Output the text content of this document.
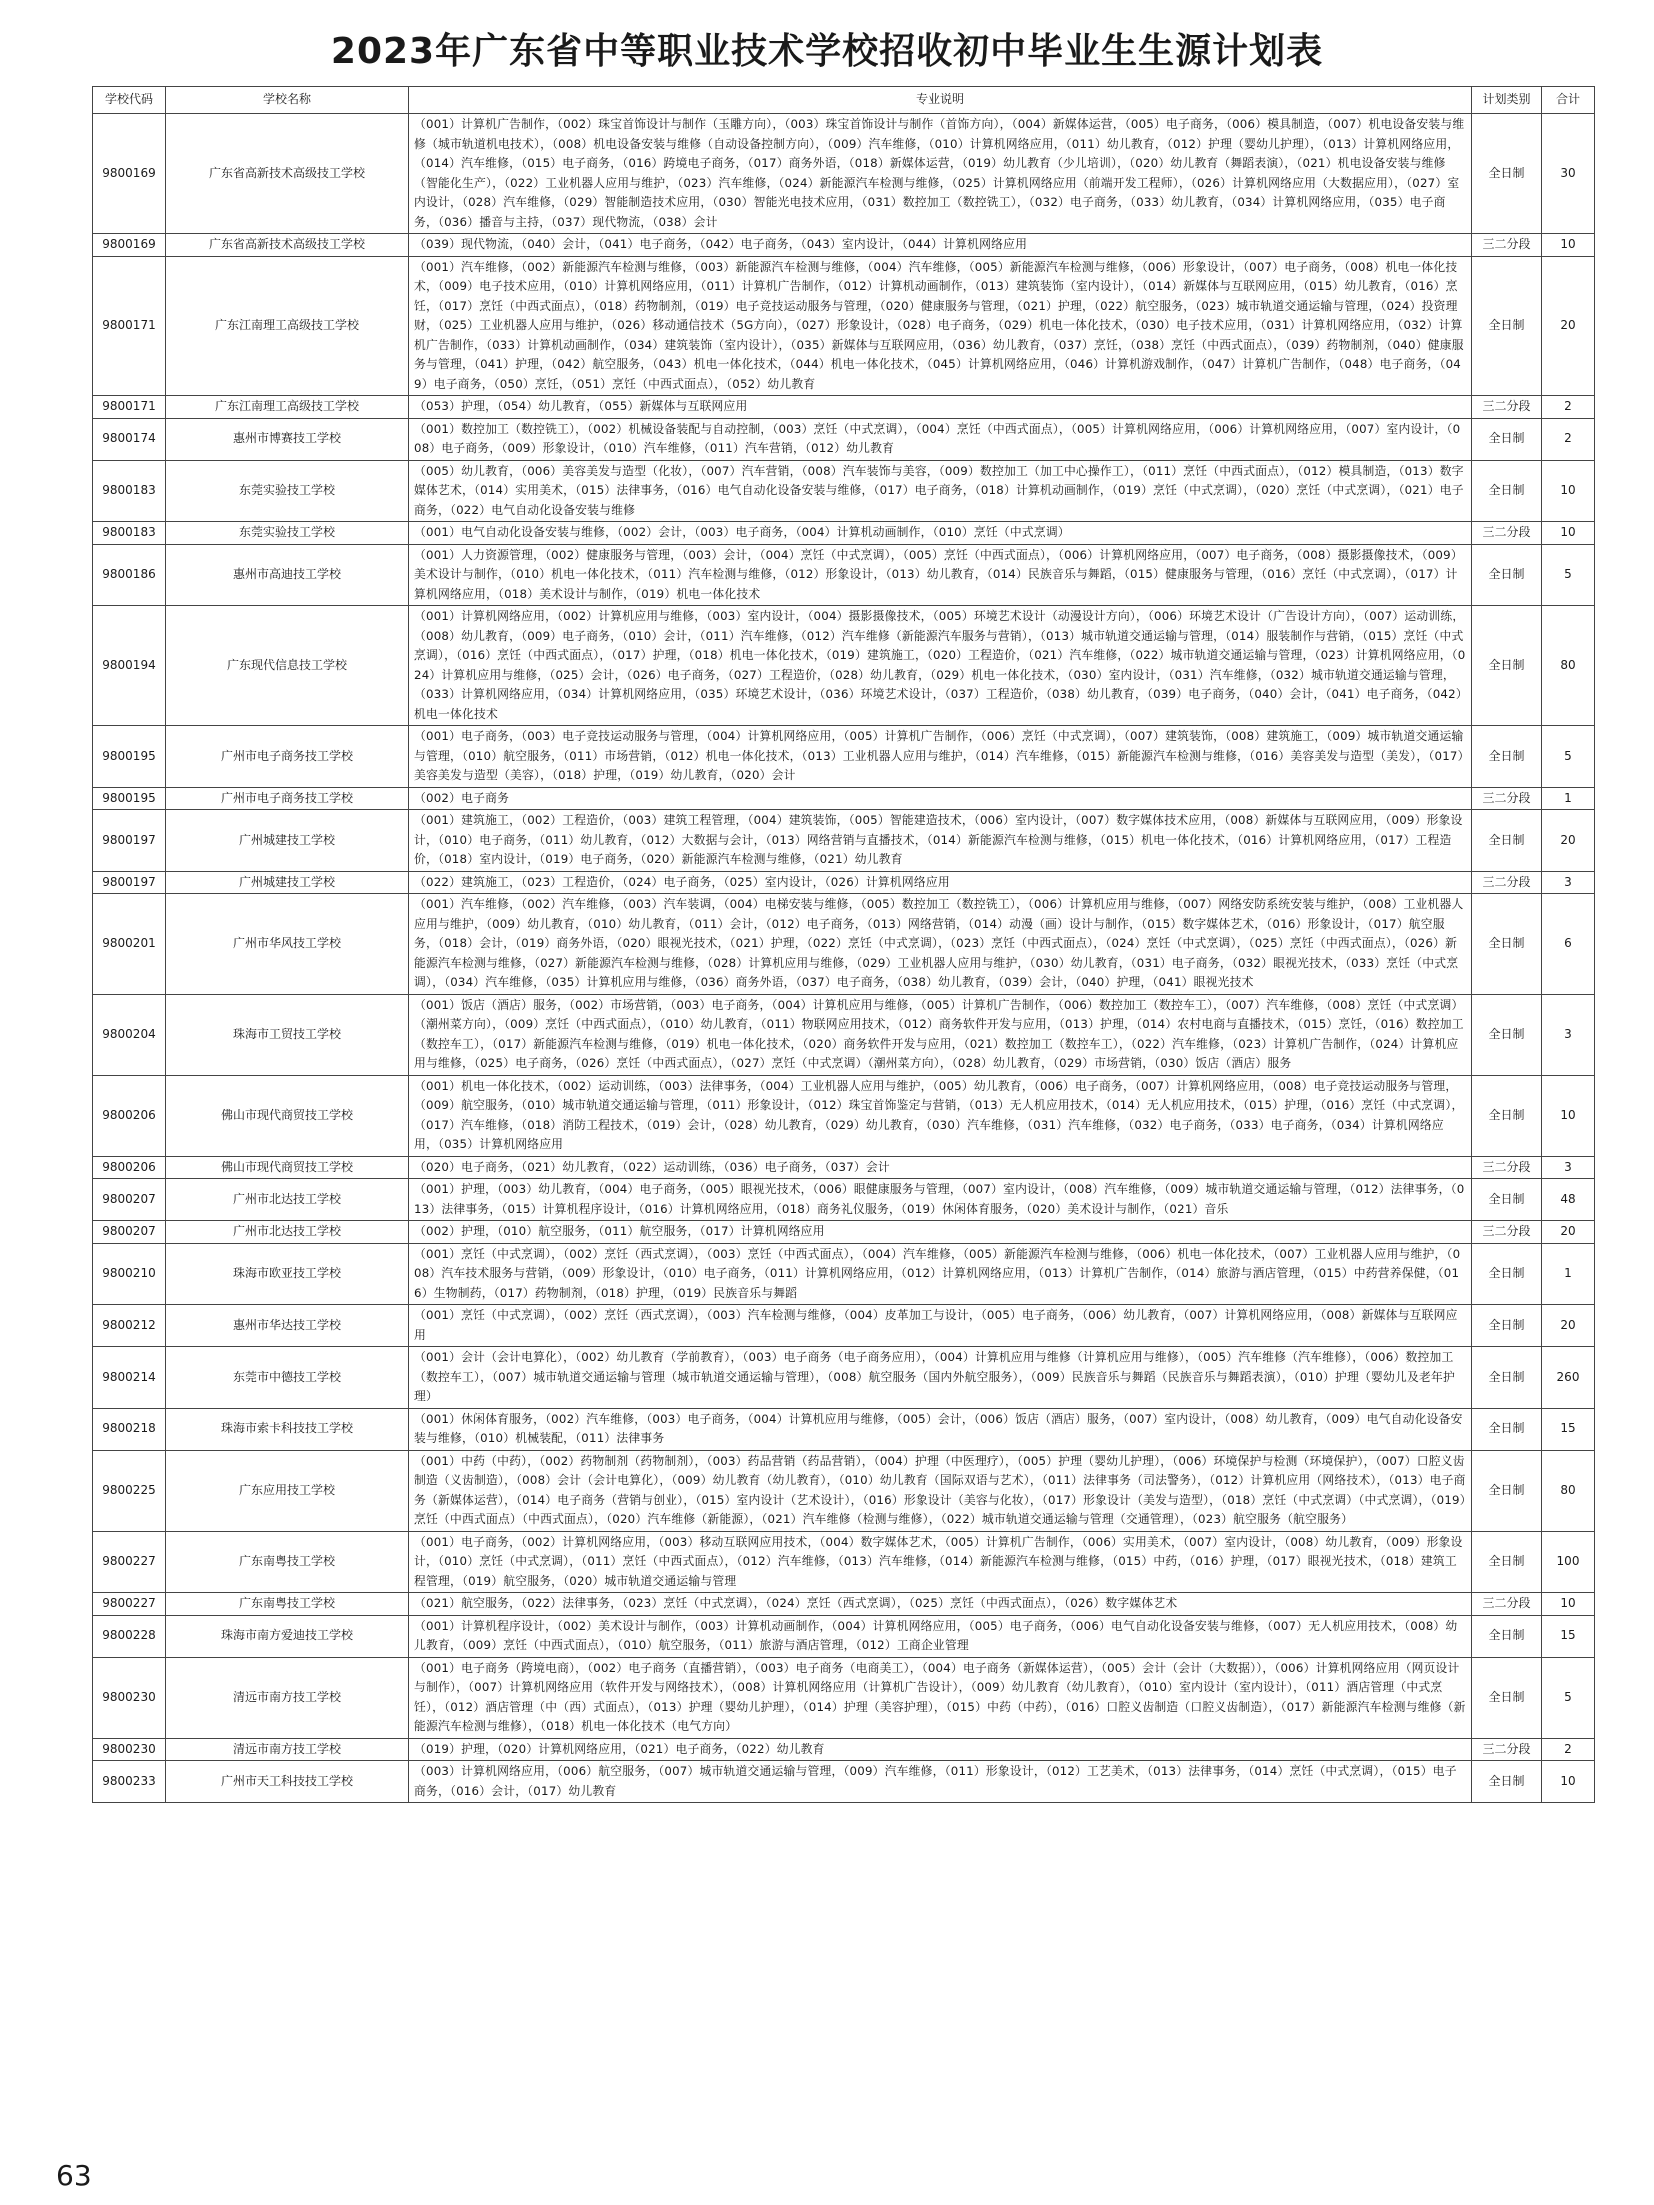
2023年广东省中等职业技术学校招收初中毕业生生源计划表
学校代码	学校名称	专业说明	计划类别	合计
9800169	广东省高新技术高级技工学校	（001）计算机广告制作，（002）珠宝首饰设计与制作（玉雕方向），（003）珠宝首饰设计与制作（首饰方向），（004）新媒体运营，（005）电子商务，（006）模具制造，（007）机电设备安装与维修（城市轨道机电技术），（008）机电设备安装与维修（自动设备控制方向），（009）汽车维修，（010）计算机网络应用，（011）幼儿教育，（012）护理（婴幼儿护理），（013）计算机网络应用，（014）汽车维修，（015）电子商务，（016）跨境电子商务，（017）商务外语，（018）新媒体运营，（019）幼儿教育（少儿培训），（020）幼儿教育（舞蹈表演），（021）机电设备安装与维修（智能化生产），（022）工业机器人应用与维护，（023）汽车维修，（024）新能源汽车检测与维修，（025）计算机网络应用（前端开发工程师），（026）计算机网络应用（大数据应用），（027）室内设计，（028）汽车维修，（029）智能制造技术应用，（030）智能光电技术应用，（031）数控加工（数控铣工），（032）电子商务，（033）幼儿教育，（034）计算机网络应用，（035）电子商务，（036）播音与主持，（037）现代物流，（038）会计	全日制	30
9800169	广东省高新技术高级技工学校	（039）现代物流，（040）会计，（041）电子商务，（042）电子商务，（043）室内设计，（044）计算机网络应用	三二分段	10
9800171	广东江南理工高级技工学校	（001）汽车维修，（002）新能源汽车检测与维修，（003）新能源汽车检测与维修，（004）汽车维修，（005）新能源汽车检测与维修，（006）形象设计，（007）电子商务，（008）机电一体化技术，（009）电子技术应用，（010）计算机网络应用，（011）计算机广告制作，（012）计算机动画制作，（013）建筑装饰（室内设计），（014）新媒体与互联网应用，（015）幼儿教育，（016）烹饪，（017）烹饪（中西式面点），（018）药物制剂，（019）电子竞技运动服务与管理，（020）健康服务与管理，（021）护理，（022）航空服务，（023）城市轨道交通运输与管理，（024）投资理财，（025）工业机器人应用与维护，（026）移动通信技术（5G方向），（027）形象设计，（028）电子商务，（029）机电一体化技术，（030）电子技术应用，（031）计算机网络应用，（032）计算机广告制作，（033）计算机动画制作，（034）建筑装饰（室内设计），（035）新媒体与互联网应用，（036）幼儿教育，（037）烹饪，（038）烹饪（中西式面点），（039）药物制剂，（040）健康服务与管理，（041）护理，（042）航空服务，（043）机电一体化技术，（044）机电一体化技术，（045）计算机网络应用，（046）计算机游戏制作，（047）计算机广告制作，（048）电子商务，（049）电子商务，（050）烹饪，（051）烹饪（中西式面点），（052）幼儿教育	全日制	20
9800171	广东江南理工高级技工学校	（053）护理，（054）幼儿教育，（055）新媒体与互联网应用	三二分段	2
9800174	惠州市博赛技工学校	（001）数控加工（数控铣工），（002）机械设备装配与自动控制，（003）烹饪（中式烹调），（004）烹饪（中西式面点），（005）计算机网络应用，（006）计算机网络应用，（007）室内设计，（008）电子商务，（009）形象设计，（010）汽车维修，（011）汽车营销，（012）幼儿教育	全日制	2
9800183	东莞实验技工学校	（005）幼儿教育，（006）美容美发与造型（化妆），（007）汽车营销，（008）汽车装饰与美容，（009）数控加工（加工中心操作工），（011）烹饪（中西式面点），（012）模具制造，（013）数字媒体艺术，（014）实用美术，（015）法律事务，（016）电气自动化设备安装与维修，（017）电子商务，（018）计算机动画制作，（019）烹饪（中式烹调），（020）烹饪（中式烹调），（021）电子商务，（022）电气自动化设备安装与维修	全日制	10
9800183	东莞实验技工学校	（001）电气自动化设备安装与维修，（002）会计，（003）电子商务，（004）计算机动画制作，（010）烹饪（中式烹调）	三二分段	10
9800186	惠州市高迪技工学校	（001）人力资源管理，（002）健康服务与管理，（003）会计，（004）烹饪（中式烹调），（005）烹饪（中西式面点），（006）计算机网络应用，（007）电子商务，（008）摄影摄像技术，（009）美术设计与制作，（010）机电一体化技术，（011）汽车检测与维修，（012）形象设计，（013）幼儿教育，（014）民族音乐与舞蹈，（015）健康服务与管理，（016）烹饪（中式烹调），（017）计算机网络应用，（018）美术设计与制作，（019）机电一体化技术	全日制	5
9800194	广东现代信息技工学校	（001）计算机网络应用，（002）计算机应用与维修，（003）室内设计，（004）摄影摄像技术，（005）环境艺术设计（动漫设计方向），（006）环境艺术设计（广告设计方向），（007）运动训练，（008）幼儿教育，（009）电子商务，（010）会计，（011）汽车维修，（012）汽车维修（新能源汽车服务与营销），（013）城市轨道交通运输与管理，（014）服装制作与营销，（015）烹饪（中式烹调），（016）烹饪（中西式面点），（017）护理，（018）机电一体化技术，（019）建筑施工，（020）工程造价，（021）汽车维修，（022）城市轨道交通运输与管理，（023）计算机网络应用，（024）计算机应用与维修，（025）会计，（026）电子商务，（027）工程造价，（028）幼儿教育，（029）机电一体化技术，（030）室内设计，（031）汽车维修，（032）城市轨道交通运输与管理，（033）计算机网络应用，（034）计算机网络应用，（035）环境艺术设计，（036）环境艺术设计，（037）工程造价，（038）幼儿教育，（039）电子商务，（040）会计，（041）电子商务，（042）机电一体化技术	全日制	80
9800195	广州市电子商务技工学校	（001）电子商务，（003）电子竞技运动服务与管理，（004）计算机网络应用，（005）计算机广告制作，（006）烹饪（中式烹调），（007）建筑装饰，（008）建筑施工，（009）城市轨道交通运输与管理，（010）航空服务，（011）市场营销，（012）机电一体化技术，（013）工业机器人应用与维护，（014）汽车维修，（015）新能源汽车检测与维修，（016）美容美发与造型（美发），（017）美容美发与造型（美容），（018）护理，（019）幼儿教育，（020）会计	全日制	5
9800195	广州市电子商务技工学校	（002）电子商务	三二分段	1
9800197	广州城建技工学校	（001）建筑施工，（002）工程造价，（003）建筑工程管理，（004）建筑装饰，（005）智能建造技术，（006）室内设计，（007）数字媒体技术应用，（008）新媒体与互联网应用，（009）形象设计，（010）电子商务，（011）幼儿教育，（012）大数据与会计，（013）网络营销与直播技术，（014）新能源汽车检测与维修，（015）机电一体化技术，（016）计算机网络应用，（017）工程造价，（018）室内设计，（019）电子商务，（020）新能源汽车检测与维修，（021）幼儿教育	全日制	20
9800197	广州城建技工学校	（022）建筑施工，（023）工程造价，（024）电子商务，（025）室内设计，（026）计算机网络应用	三二分段	3
9800201	广州市华风技工学校	（001）汽车维修，（002）汽车维修，（003）汽车装调，（004）电梯安装与维修，（005）数控加工（数控铣工），（006）计算机应用与维修，（007）网络安防系统安装与维护，（008）工业机器人应用与维护，（009）幼儿教育，（010）幼儿教育，（011）会计，（012）电子商务，（013）网络营销，（014）动漫（画）设计与制作，（015）数字媒体艺术，（016）形象设计，（017）航空服务，（018）会计，（019）商务外语，（020）眼视光技术，（021）护理，（022）烹饪（中式烹调），（023）烹饪（中西式面点），（024）烹饪（中式烹调），（025）烹饪（中西式面点），（026）新能源汽车检测与维修，（027）新能源汽车检测与维修，（028）计算机应用与维修，（029）工业机器人应用与维护，（030）幼儿教育，（031）电子商务，（032）眼视光技术，（033）烹饪（中式烹调），（034）汽车维修，（035）计算机应用与维修，（036）商务外语，（037）电子商务，（038）幼儿教育，（039）会计，（040）护理，（041）眼视光技术	全日制	6
9800204	珠海市工贸技工学校	（001）饭店（酒店）服务，（002）市场营销，（003）电子商务，（004）计算机应用与维修，（005）计算机广告制作，（006）数控加工（数控车工），（007）汽车维修，（008）烹饪（中式烹调）（潮州菜方向），（009）烹饪（中西式面点），（010）幼儿教育，（011）物联网应用技术，（012）商务软件开发与应用，（013）护理，（014）农村电商与直播技术，（015）烹饪，（016）数控加工（数控车工），（017）新能源汽车检测与维修，（019）机电一体化技术，（020）商务软件开发与应用，（021）数控加工（数控车工），（022）汽车维修，（023）计算机广告制作，（024）计算机应用与维修，（025）电子商务，（026）烹饪（中西式面点），（027）烹饪（中式烹调）（潮州菜方向），（028）幼儿教育，（029）市场营销，（030）饭店（酒店）服务	全日制	3
9800206	佛山市现代商贸技工学校	（001）机电一体化技术，（002）运动训练，（003）法律事务，（004）工业机器人应用与维护，（005）幼儿教育，（006）电子商务，（007）计算机网络应用，（008）电子竞技运动服务与管理，（009）航空服务，（010）城市轨道交通运输与管理，（011）形象设计，（012）珠宝首饰鉴定与营销，（013）无人机应用技术，（014）无人机应用技术，（015）护理，（016）烹饪（中式烹调），（017）汽车维修，（018）消防工程技术，（019）会计，（028）幼儿教育，（029）幼儿教育，（030）汽车维修，（031）汽车维修，（032）电子商务，（033）电子商务，（034）计算机网络应用，（035）计算机网络应用	全日制	10
9800206	佛山市现代商贸技工学校	（020）电子商务，（021）幼儿教育，（022）运动训练，（036）电子商务，（037）会计	三二分段	3
9800207	广州市北达技工学校	（001）护理，（003）幼儿教育，（004）电子商务，（005）眼视光技术，（006）眼健康服务与管理，（007）室内设计，（008）汽车维修，（009）城市轨道交通运输与管理，（012）法律事务，（013）法律事务，（015）计算机程序设计，（016）计算机网络应用，（018）商务礼仪服务，（019）休闲体育服务，（020）美术设计与制作，（021）音乐	全日制	48
9800207	广州市北达技工学校	（002）护理，（010）航空服务，（011）航空服务，（017）计算机网络应用	三二分段	20
9800210	珠海市欧亚技工学校	（001）烹饪（中式烹调），（002）烹饪（西式烹调），（003）烹饪（中西式面点），（004）汽车维修，（005）新能源汽车检测与维修，（006）机电一体化技术，（007）工业机器人应用与维护，（008）汽车技术服务与营销，（009）形象设计，（010）电子商务，（011）计算机网络应用，（012）计算机网络应用，（013）计算机广告制作，（014）旅游与酒店管理，（015）中药营养保健，（016）生物制药，（017）药物制剂，（018）护理，（019）民族音乐与舞蹈	全日制	1
9800212	惠州市华达技工学校	（001）烹饪（中式烹调），（002）烹饪（西式烹调），（003）汽车检测与维修，（004）皮革加工与设计，（005）电子商务，（006）幼儿教育，（007）计算机网络应用，（008）新媒体与互联网应用	全日制	20
9800214	东莞市中德技工学校	（001）会计（会计电算化），（002）幼儿教育（学前教育），（003）电子商务（电子商务应用），（004）计算机应用与维修（计算机应用与维修），（005）汽车维修（汽车维修），（006）数控加工（数控车工），（007）城市轨道交通运输与管理（城市轨道交通运输与管理），（008）航空服务（国内外航空服务），（009）民族音乐与舞蹈（民族音乐与舞蹈表演），（010）护理（婴幼儿及老年护理）	全日制	260
9800218	珠海市索卡科技技工学校	（001）休闲体育服务，（002）汽车维修，（003）电子商务，（004）计算机应用与维修，（005）会计，（006）饭店（酒店）服务，（007）室内设计，（008）幼儿教育，（009）电气自动化设备安装与维修，（010）机械装配，（011）法律事务	全日制	15
9800225	广东应用技工学校	（001）中药（中药），（002）药物制剂（药物制剂），（003）药品营销（药品营销），（004）护理（中医理疗），（005）护理（婴幼儿护理），（006）环境保护与检测（环境保护），（007）口腔义齿制造（义齿制造），（008）会计（会计电算化），（009）幼儿教育（幼儿教育），（010）幼儿教育（国际双语与艺术），（011）法律事务（司法警务），（012）计算机应用（网络技术），（013）电子商务（新媒体运营），（014）电子商务（营销与创业），（015）室内设计（艺术设计），（016）形象设计（美容与化妆），（017）形象设计（美发与造型），（018）烹饪（中式烹调）（中式烹调），（019）烹饪（中西式面点）（中西式面点），（020）汽车维修（新能源），（021）汽车维修（检测与维修），（022）城市轨道交通运输与管理（交通管理），（023）航空服务（航空服务）	全日制	80
9800227	广东南粤技工学校	（001）电子商务，（002）计算机网络应用，（003）移动互联网应用技术，（004）数字媒体艺术，（005）计算机广告制作，（006）实用美术，（007）室内设计，（008）幼儿教育，（009）形象设计，（010）烹饪（中式烹调），（011）烹饪（中西式面点），（012）汽车维修，（013）汽车维修，（014）新能源汽车检测与维修，（015）中药，（016）护理，（017）眼视光技术，（018）建筑工程管理，（019）航空服务，（020）城市轨道交通运输与管理	全日制	100
9800227	广东南粤技工学校	（021）航空服务，（022）法律事务，（023）烹饪（中式烹调），（024）烹饪（西式烹调），（025）烹饪（中西式面点），（026）数字媒体艺术	三二分段	10
9800228	珠海市南方爱迪技工学校	（001）计算机程序设计，（002）美术设计与制作，（003）计算机动画制作，（004）计算机网络应用，（005）电子商务，（006）电气自动化设备安装与维修，（007）无人机应用技术，（008）幼儿教育，（009）烹饪（中西式面点），（010）航空服务，（011）旅游与酒店管理，（012）工商企业管理	全日制	15
9800230	清远市南方技工学校	（001）电子商务（跨境电商），（002）电子商务（直播营销），（003）电子商务（电商美工），（004）电子商务（新媒体运营），（005）会计（会计（大数据）），（006）计算机网络应用（网页设计与制作），（007）计算机网络应用（软件开发与网络技术），（008）计算机网络应用（计算机广告设计），（009）幼儿教育（幼儿教育），（010）室内设计（室内设计），（011）酒店管理（中式烹饪），（012）酒店管理（中（西）式面点），（013）护理（婴幼儿护理），（014）护理（美容护理），（015）中药（中药），（016）口腔义齿制造（口腔义齿制造），（017）新能源汽车检测与维修（新能源汽车检测与维修），（018）机电一体化技术（电气方向）	全日制	5
9800230	清远市南方技工学校	（019）护理，（020）计算机网络应用，（021）电子商务，（022）幼儿教育	三二分段	2
9800233	广州市天工科技技工学校	（003）计算机网络应用，（006）航空服务，（007）城市轨道交通运输与管理，（009）汽车维修，（011）形象设计，（012）工艺美术，（013）法律事务，（014）烹饪（中式烹调），（015）电子商务，（016）会计，（017）幼儿教育	全日制	10
63
